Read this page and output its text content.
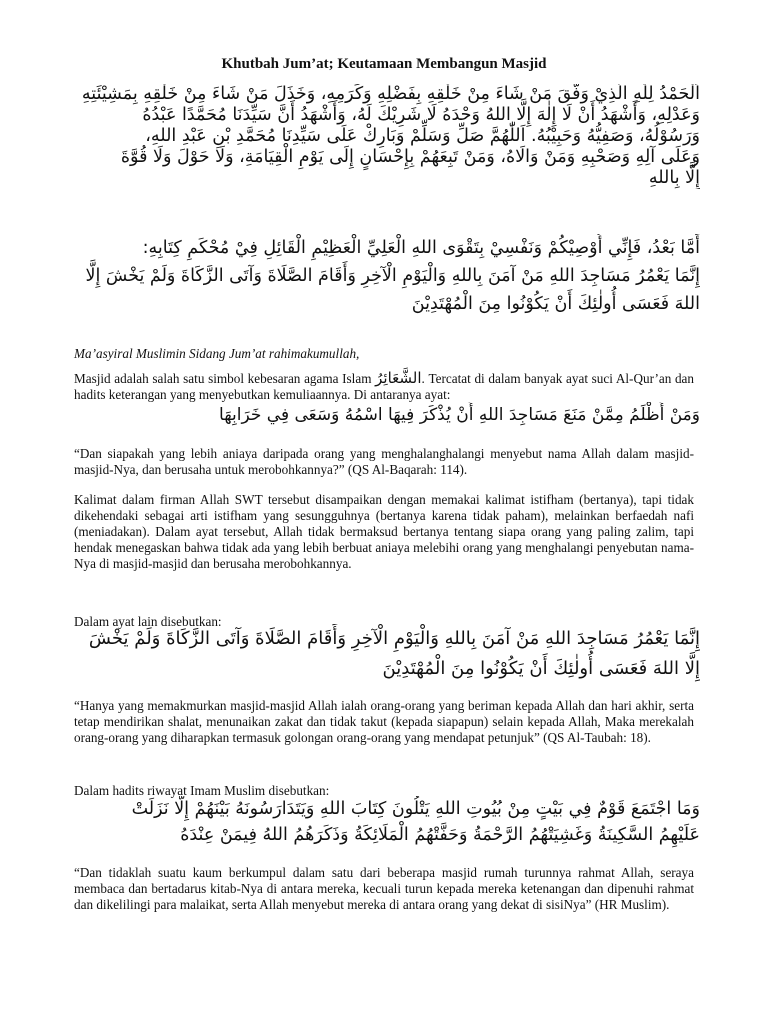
Khutbah Jum’at; Keutamaan Membangun Masjid
اَلْحَمْدُ لِلّٰهِ الَّذِيْ وَفَّقَ مَنْ شَاءَ مِنْ خَلْقِهِ بِفَضْلِهِ وَكَرَمِهِ، وَخَذَلَ مَنْ شَاءَ مِنْ خَلْقِهِ بِمَشِيْئَتِهِ
وَعَدْلِهِ، وَأَشْهَدُ أَنْ لَا إِلٰهَ إِلَّا اللهُ وَحْدَهُ لَا شَرِيْكَ لَهُ، وَأَشْهَدُ أَنَّ سَيِّدَنَا مُحَمَّدًا عَبْدُهُ
وَرَسُوْلُهُ، وَصَفِيُّهُ وَحَبِيْبُهُ. اَللّٰهُمَّ صَلِّ وَسَلِّمْ وَبَارِكْ عَلَى سَيِّدِنَا مُحَمَّدِ بْنِ عَبْدِ اللهِ،
وَعَلَى آلِهِ وَصَحْبِهِ وَمَنْ وَالَاهُ، وَمَنْ تَبِعَهُمْ بِإِحْسَانٍ إِلَى يَوْمِ الْقِيَامَةِ، وَلَا حَوْلَ وَلَا قُوَّةَ
إِلَّا بِاللهِ
أَمَّا بَعْدُ، فَإِنِّي أُوْصِيْكُمْ وَنَفْسِيْ بِتَقْوَى اللهِ الْعَلِيِّ الْعَظِيْمِ الْقَائِلِ فِيْ مُحْكَمِ كِتَابِهِ:
إِنَّمَا يَعْمُرُ مَسَاجِدَ اللهِ مَنْ آمَنَ بِاللهِ وَالْيَوْمِ الْآخِرِ وَأَقَامَ الصَّلَاةَ وَآتَى الزَّكَاةَ وَلَمْ يَخْشَ إِلَّا
اللهَ فَعَسَى أُولٰئِكَ أَنْ يَكُوْنُوا مِنَ الْمُهْتَدِيْنَ
Ma’asyiral Muslimin Sidang Jum’at rahimakumullah,
Masjid adalah salah satu simbol kebesaran agama Islam الشَّعَائِرُ. Tercatat di dalam banyak ayat suci Al-Qur’an dan hadits keterangan yang menyebutkan kemuliaannya. Di antaranya ayat:
وَمَنْ أَظْلَمُ مِمَّنْ مَنَعَ مَسَاجِدَ اللهِ أَنْ يُذْكَرَ فِيهَا اسْمُهُ وَسَعَى فِي خَرَابِهَا
“Dan siapakah yang lebih aniaya daripada orang yang menghalanghalangi menyebut nama Allah dalam masjid-masjid-Nya, dan berusaha untuk merobohkannya?” (QS Al-Baqarah: 114).
Kalimat dalam firman Allah SWT tersebut disampaikan dengan memakai kalimat istifham (bertanya), tapi tidak dikehendaki sebagai arti istifham yang sesungguhnya (bertanya karena tidak paham), melainkan berfaedah nafi (meniadakan). Dalam ayat tersebut, Allah tidak bermaksud bertanya tentang siapa orang yang paling zalim, tapi hendak menegaskan bahwa tidak ada yang lebih berbuat aniaya melebihi orang yang menghalangi penyebutan nama-Nya di masjid-masjid dan berusaha merobohkannya.
Dalam ayat lain disebutkan:
إِنَّمَا يَعْمُرُ مَسَاجِدَ اللهِ مَنْ آمَنَ بِاللهِ وَالْيَوْمِ الْآخِرِ وَأَقَامَ الصَّلَاةَ وَآتَى الزَّكَاةَ وَلَمْ يَخْشَ
إِلَّا اللهَ فَعَسَى أُولٰئِكَ أَنْ يَكُوْنُوا مِنَ الْمُهْتَدِيْنَ
“Hanya yang memakmurkan masjid-masjid Allah ialah orang-orang yang beriman kepada Allah dan hari akhir, serta tetap mendirikan shalat, menunaikan zakat dan tidak takut (kepada siapapun) selain kepada Allah, Maka merekalah orang-orang yang diharapkan termasuk golongan orang-orang yang mendapat petunjuk” (QS Al-Taubah: 18).
Dalam hadits riwayat Imam Muslim disebutkan:
وَمَا اجْتَمَعَ قَوْمٌ فِي بَيْتٍ مِنْ بُيُوتِ اللهِ يَتْلُونَ كِتَابَ اللهِ وَيَتَدَارَسُونَهُ بَيْنَهُمْ إِلَّا نَزَلَتْ
عَلَيْهِمُ السَّكِينَةُ وَغَشِيَتْهُمُ الرَّحْمَةُ وَحَفَّتْهُمُ الْمَلَائِكَةُ وَذَكَرَهُمُ اللهُ فِيمَنْ عِنْدَهُ
“Dan tidaklah suatu kaum berkumpul dalam satu dari beberapa masjid rumah turunnya rahmat Allah, seraya membaca dan bertadarus kitab-Nya di antara mereka, kecuali turun kepada mereka ketenangan dan dipenuhi rahmat dan dikelilingi para malaikat, serta Allah menyebut mereka di antara orang yang dekat di sisiNya” (HR Muslim).
